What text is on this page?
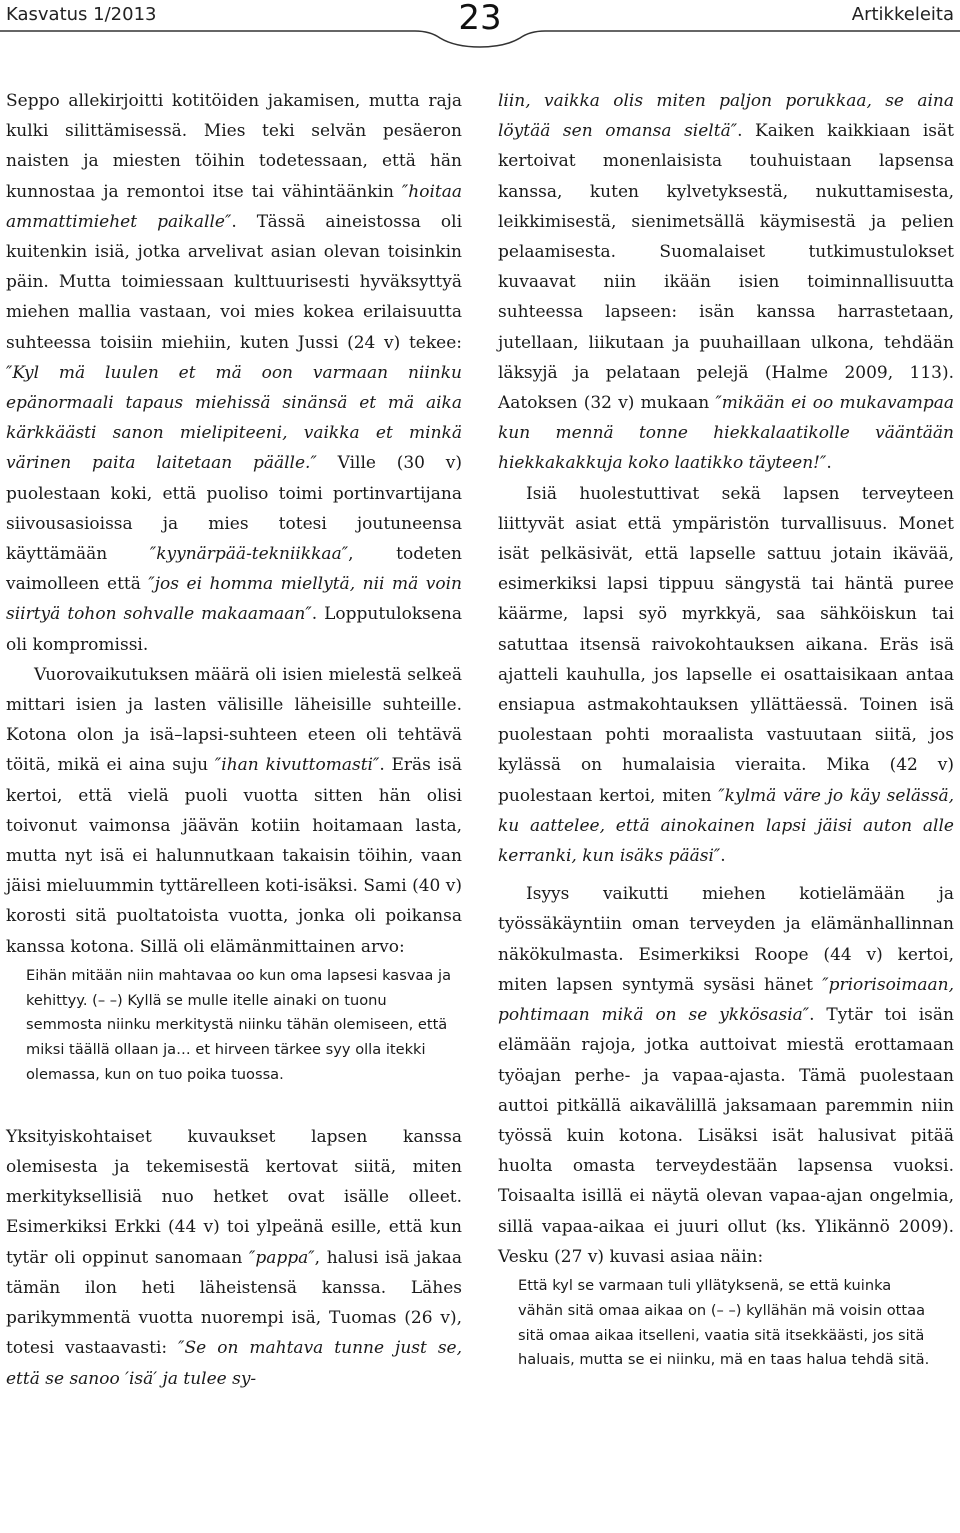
Kasvatus 1/2013	23	Artikkeleita

Seppo allekirjoitti kotitöiden jakamisen, mutta raja kulki silittämisessä. Mies teki selvän pesäeron naisten ja miesten töihin todetessaan, että hän kunnostaa ja remontoi itse tai vähintäänkin ″hoitaa ammattimiehet paikalle″. Tässä aineistossa oli kuitenkin isiä, jotka arvelivat asian olevan toisinkin päin. Mutta toimiessaan kulttuurisesti hyväksyttyä miehen mallia vastaan, voi mies kokea erilaisuutta suhteessa toisiin miehiin, kuten Jussi (24 v) tekee: ″Kyl mä luulen et mä oon varmaan niinku epänormaali tapaus miehissä sinänsä et mä aika kärkkäästi sanon mielipiteeni, vaikka et minkä värinen paita laitetaan päälle.″ Ville (30 v) puolestaan koki, että puoliso toimi portinvartijana siivousasioissa ja mies totesi joutuneensa käyttämään ″kyynärpää-tekniikkaa″, todeten vaimolleen että ″jos ei homma miellytä, nii mä voin siirtyä tohon sohvalle makaamaan″. Lopputuloksena oli kompromissi.

Vuorovaikutuksen määrä oli isien mielestä selkeä mittari isien ja lasten välisille läheisille suhteille. Kotona olon ja isä–lapsi-suhteen eteen oli tehtävä töitä, mikä ei aina suju ″ihan kivuttomasti″. Eräs isä kertoi, että vielä puoli vuotta sitten hän olisi toivonut vaimonsa jäävän kotiin hoitamaan lasta, mutta nyt isä ei halunnutkaan takaisin töihin, vaan jäisi mieluummin tyttärelleen koti-isäksi. Sami (40 v) korosti sitä puoltatoista vuotta, jonka oli poikansa kanssa kotona. Sillä oli elämänmittainen arvo:

Eihän mitään niin mahtavaa oo kun oma lapsesi kasvaa ja kehittyy. (– –) Kyllä se mulle itelle ainaki on tuonu semmosta niinku merkitystä niinku tähän olemiseen, että miksi täällä ollaan ja… et hirveen tärkee syy olla itekki olemassa, kun on tuo poika tuossa.

Yksityiskohtaiset kuvaukset lapsen kanssa olemisesta ja tekemisestä kertovat siitä, miten merkityksellisiä nuo hetket ovat isälle olleet. Esimerkiksi Erkki (44 v) toi ylpeänä esille, että kun tytär oli oppinut sanomaan ″pappa″, halusi isä jakaa tämän ilon heti läheistensä kanssa. Lähes parikymmentä vuotta nuorempi isä, Tuomas (26 v), totesi vastaavasti: ″Se on mahtava tunne just se, että se sanoo ′isä′ ja tulee sy-

liin, vaikka olis miten paljon porukkaa, se aina löytää sen omansa sieltä″. Kaiken kaikkiaan isät kertoivat monenlaisista touhuistaan lapsensa kanssa, kuten kylvetyksestä, nukuttamisesta, leikkimisestä, sienimetsällä käymisestä ja pelien pelaamisesta. Suomalaiset tutkimustulokset kuvaavat niin ikään isien toiminnallisuutta suhteessa lapseen: isän kanssa harrastetaan, jutellaan, liikutaan ja puuhaillaan ulkona, tehdään läksyjä ja pelataan pelejä (Halme 2009, 113). Aatoksen (32 v) mukaan ″mikään ei oo mukavampaa kun mennä tonne hiekkalaatikolle vääntään hiekkakakkuja koko laatikko täyteen!″.

Isiä huolestuttivat sekä lapsen terveyteen liittyvät asiat että ympäristön turvallisuus. Monet isät pelkäsivät, että lapselle sattuu jotain ikävää, esimerkiksi lapsi tippuu sängystä tai häntä puree käärme, lapsi syö myrkkyä, saa sähköiskun tai satuttaa itsensä raivokohtauksen aikana. Eräs isä ajatteli kauhulla, jos lapselle ei osattaisikaan antaa ensiapua astmakohtauksen yllättäessä. Toinen isä puolestaan pohti moraalista vastuutaan siitä, jos kylässä on humalaisia vieraita. Mika (42 v) puolestaan kertoi, miten ″kylmä väre jo käy selässä, ku aattelee, että ainokainen lapsi jäisi auton alle kerranki, kun isäks pääsi″.

Isyys vaikutti miehen kotielämään ja työssäkäyntiin oman terveyden ja elämänhallinnan näkökulmasta. Esimerkiksi Roope (44 v) kertoi, miten lapsen syntymä sysäsi hänet ″priorisoimaan, pohtimaan mikä on se ykkösasia″. Tytär toi isän elämään rajoja, jotka auttoivat miestä erottamaan työajan perhe- ja vapaa-ajasta. Tämä puolestaan auttoi pitkällä aikavälillä jaksamaan paremmin niin työssä kuin kotona. Lisäksi isät halusivat pitää huolta omasta terveydestään lapsensa vuoksi. Toisaalta isillä ei näytä olevan vapaa-ajan ongelmia, sillä vapaa-aikaa ei juuri ollut (ks. Ylikännö 2009). Vesku (27 v) kuvasi asiaa näin:

Että kyl se varmaan tuli yllätyksenä, se että kuinka vähän sitä omaa aikaa on (– –) kyllähän mä voisin ottaa sitä omaa aikaa itselleni, vaatia sitä itsekkäästi, jos sitä haluais, mutta se ei niinku, mä en taas halua tehdä sitä.
